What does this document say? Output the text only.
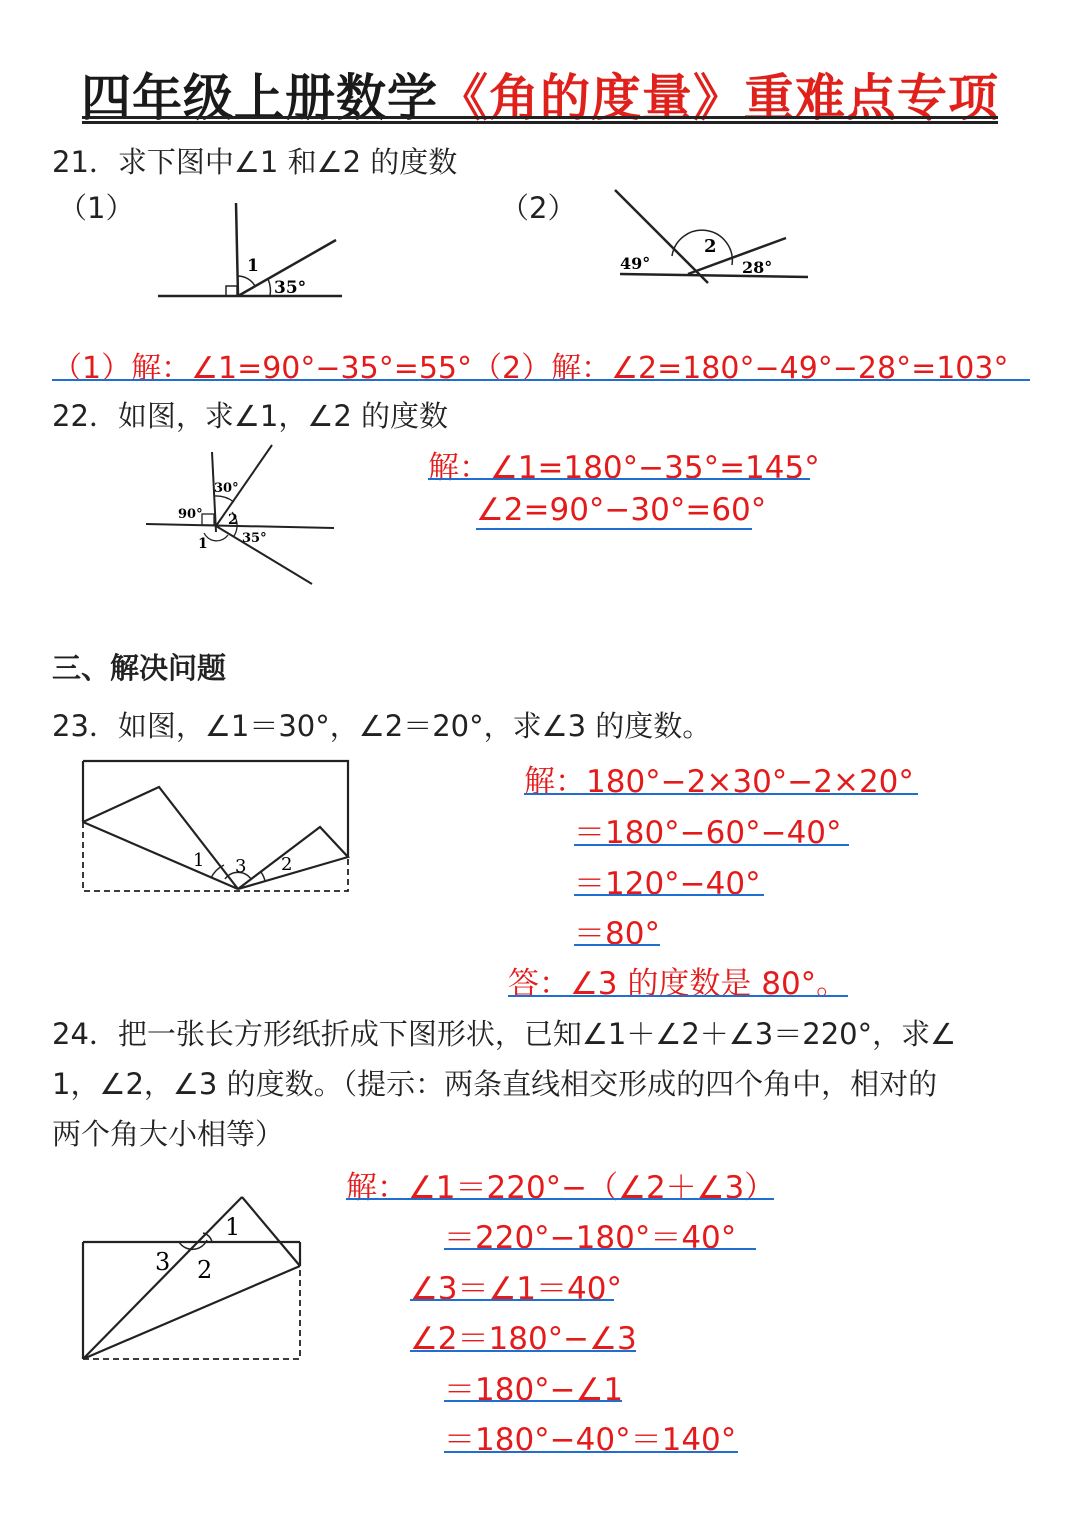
四年级上册数学《角的度量》重难点专项
21．求下图中∠1 和∠2 的度数
（1）	（2）
1
35°
49°
2
28°
（1）解：∠1=90°−35°=55°（2）解：∠2=180°−49°−28°=103°
22．如图，求∠1，∠2 的度数
30°
90° 2
1	35°
解：∠1=180°−35°=145°
∠2=90°−30°=60°
三、解决问题
23．如图，∠1＝30°，∠2＝20°，求∠3 的度数。
1 3 2
解：180°−2×30°−2×20°
＝180°−60°−40°
＝120°−40°
＝80°
答：∠3 的度数是 80°。
24．把一张长方形纸折成下图形状，已知∠1＋∠2＋∠3＝220°，求∠
1，∠2，∠3 的度数。（提示：两条直线相交形成的四个角中，相对的
两个角大小相等）
1
3 2
解：∠1＝220°−（∠2＋∠3）
＝220°−180°＝40°
∠3＝∠1＝40°
∠2＝180°−∠3
＝180°−∠1
＝180°−40°＝140°
